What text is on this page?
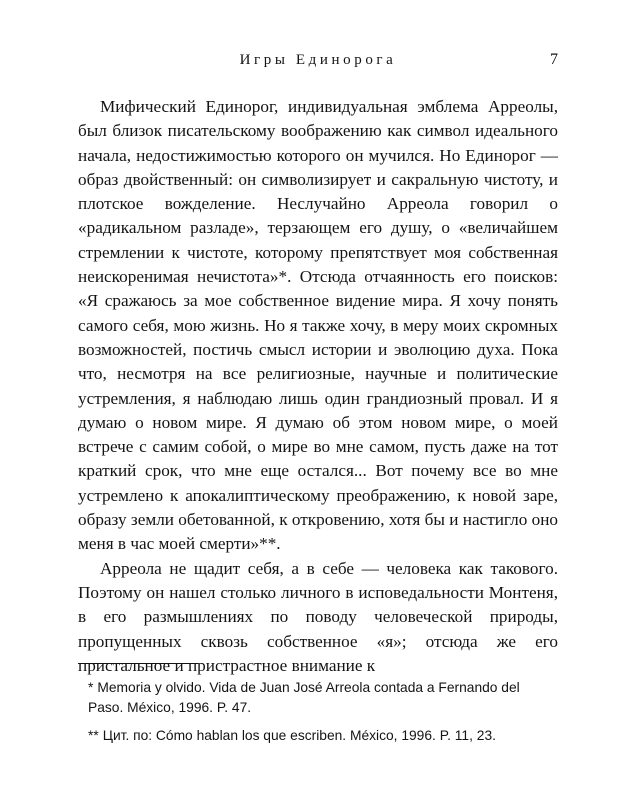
Игры Единорога	7

Мифический Единорог, индивидуальная эмблема Арреолы, был близок писательскому воображению как символ идеального начала, недостижимостью которого он мучился. Но Единорог — образ двойственный: он символизирует и сакральную чистоту, и плотское вожделение. Неслучайно Арреола говорил о «радикальном разладе», терзающем его душу, о «величайшем стремлении к чистоте, которому препятствует моя собственная неискоренимая нечистота»*. Отсюда отчаянность его поисков: «Я сражаюсь за мое собственное видение мира. Я хочу понять самого себя, мою жизнь. Но я также хочу, в меру моих скромных возможностей, постичь смысл истории и эволюцию духа. Пока что, несмотря на все религиозные, научные и политические устремления, я наблюдаю лишь один грандиозный провал. И я думаю о новом мире. Я думаю об этом новом мире, о моей встрече с самим собой, о мире во мне самом, пусть даже на тот краткий срок, что мне еще остался... Вот почему все во мне устремлено к апокалиптическому преображению, к новой заре, образу земли обетованной, к откровению, хотя бы и настигло оно меня в час моей смерти»**.

Арреола не щадит себя, а в себе — человека как такового. Поэтому он нашел столько личного в исповедальности Монтеня, в его размышлениях по поводу человеческой природы, пропущенных сквозь собственное «я»; отсюда же его пристальное и пристрастное внимание к

* Memoria y olvido. Vida de Juan José Arreola contada a Fernando del Paso. México, 1996. P. 47.

** Цит. по: Cómo hablan los que escriben. México, 1996. P. 11, 23.
